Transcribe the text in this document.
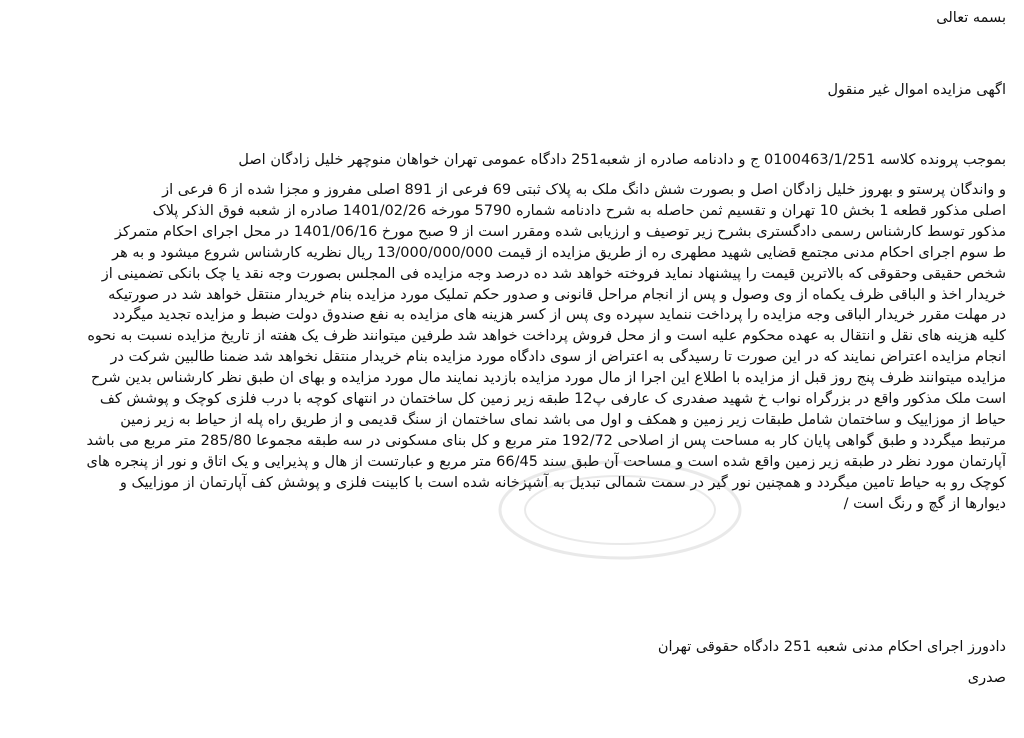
بسمه تعالی
اگهی مزایده اموال غیر منقول
بموجب پرونده کلاسه 0100463/1/251 ج و دادنامه صادره از شعبه251 دادگاه عمومی تهران خواهان منوچهر خلیل زادگان اصل
و واندگان پرستو و بهروز خلیل زادگان اصل و بصورت شش دانگ ملک به پلاک ثبتی 69 فرعی از 891 اصلی مفروز و مجزا شده از 6 فرعی از
اصلی مذکور قطعه 1 بخش 10 تهران و تقسیم ثمن حاصله به شرح دادنامه شماره 5790 مورخه 1401/02/26 صادره از شعبه فوق الذکر پلاک
مذکور توسط کارشناس رسمی دادگستری بشرح زیر توصیف و ارزیابی شده ومقرر است از 9 صبح مورخ 1401/06/16 در محل اجرای احکام متمرکز
ط سوم اجرای احکام مدنی مجتمع قضایی شهید مطهری ره از طریق مزایده از قیمت 13/000/000/000 ریال نظریه کارشناس شروع میشود و به هر
شخص حقیقی وحقوقی که بالاترین قیمت را پیشنهاد نماید فروخته خواهد شد ده درصد وجه مزایده فی المجلس بصورت وجه نقد یا چک بانکی تضمینی از
خریدار اخذ و الباقی ظرف یکماه از وی وصول و پس از انجام مراحل قانونی و صدور حکم تملیک مورد مزایده بنام خریدار منتقل خواهد شد در صورتیکه
در مهلت مقرر خریدار الباقی وجه مزایده را پرداخت ننماید سپرده وی پس از کسر هزینه های مزایده به نفع صندوق دولت ضبط و مزایده تجدید میگردد
کلیه هزینه های نقل و انتقال به عهده محکوم علیه است و از محل فروش پرداخت خواهد شد طرفین میتوانند ظرف یک هفته از تاریخ مزایده نسبت به نحوه
انجام مزایده اعتراض نمایند که در این صورت تا رسیدگی به اعتراض از سوی دادگاه مورد مزایده بنام خریدار منتقل نخواهد شد ضمنا طالبین شرکت در
مزایده میتوانند ظرف پنج روز قبل از مزایده با اطلاع این اجرا از مال مورد مزایده بازدید نمایند مال مورد مزایده و بهای ان طبق نظر کارشناس بدین شرح
است ملک مذکور واقع در بزرگراه نواب خ شهید صفدری ک عارفی پ12 طبقه زیر زمین کل ساختمان در انتهای کوچه با درب فلزی کوچک و پوشش کف
حیاط از موزاییک و ساختمان شامل طبقات زیر زمین و همکف و اول می باشد نمای ساختمان از سنگ قدیمی و از طریق راه پله از حیاط به زیر زمین
مرتبط میگردد و طبق گواهی پایان کار به مساحت پس از اصلاحی 192/72 متر مربع و کل بنای مسکونی در سه طبقه مجموعا 285/80 متر مربع می باشد
آپارتمان مورد نظر در طبقه زیر زمین واقع شده است و مساحت آن طبق سند 66/45 متر مربع و عبارتست از هال و پذیرایی و یک اتاق و نور از پنجره های
کوچک رو به حیاط تامین میگردد و همچنین نور گیر در سمت شمالی تبدیل به آشپزخانه شده است با کابینت فلزی و پوشش کف آپارتمان از موزاییک و
دیوارها از گچ و رنگ است /
دادورز اجرای احکام مدنی شعبه 251 دادگاه حقوقی تهران
صدری
